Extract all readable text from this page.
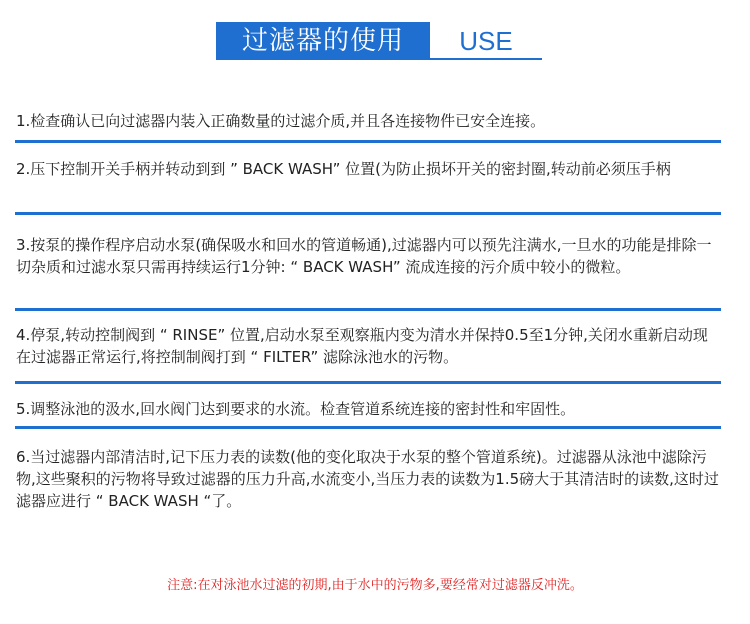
过滤器的使用	USE
1.检查确认已向过滤器内装入正确数量的过滤介质,并且各连接物件已安全连接。
2.压下控制开关手柄并转动到到 ” BACK WASH” 位置(为防止损坏开关的密封圈,转动前必须压手柄
3.按泵的操作程序启动水泵(确保吸水和回水的管道畅通),过滤器内可以预先注满水,一旦水的功能是排除一切杂质和过滤水泵只需再持续运行1分钟: “ BACK WASH” 流成连接的污介质中较小的微粒。
4.停泵,转动控制阀到 “ RINSE” 位置,启动水泵至观察瓶内变为清水并保持0.5至1分钟,关闭水重新启动现在过滤器正常运行,将控制制阀打到 “ FILTER” 滤除泳池水的污物。
5.调整泳池的汲水,回水阀门达到要求的水流。检查管道系统连接的密封性和牢固性。
6.当过滤器内部清洁时,记下压力表的读数(他的变化取决于水泵的整个管道系统)。过滤器从泳池中滤除污物,这些聚积的污物将导致过滤器的压力升高,水流变小,当压力表的读数为1.5磅大于其清洁时的读数,这时过滤器应进行 “ BACK WASH “了。
注意:在对泳池水过滤的初期,由于水中的污物多,要经常对过滤器反冲洗。
